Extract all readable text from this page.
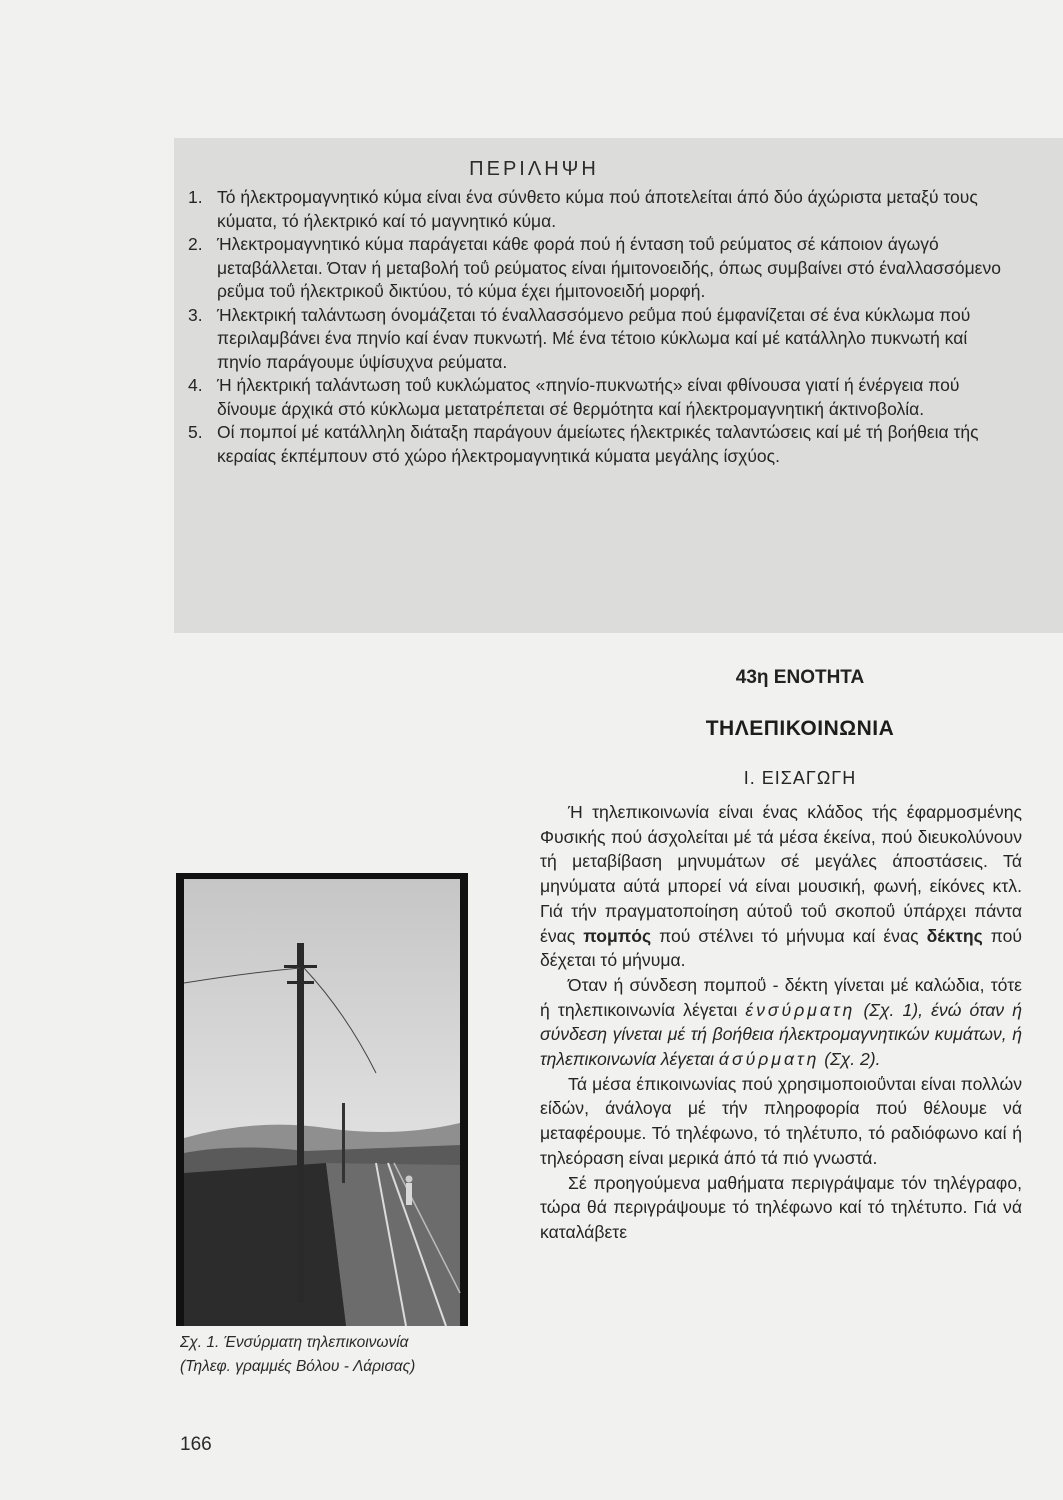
ΠΕΡΙΛΗΨΗ
1. Τό ήλεκτρομαγνητικό κύμα είναι ένα σύνθετο κύμα πού άποτελείται άπό δύο άχώριστα μεταξύ τους κύματα, τό ήλεκτρικό καί τό μαγνητικό κύμα.
2. Ήλεκτρομαγνητικό κύμα παράγεται κάθε φορά πού ή ένταση τοΰ ρεύματος σέ κάποιον άγωγό μεταβάλλεται. Όταν ή μεταβολή τοΰ ρεύματος είναι ήμιτονοειδής, όπως συμβαίνει στό έναλλασσόμενο ρεΰμα τοΰ ήλεκτρικοΰ δικτύου, τό κύμα έχει ήμιτονοειδή μορφή.
3. Ήλεκτρική ταλάντωση όνομάζεται τό έναλλασσόμενο ρεΰμα πού έμφανίζεται σέ ένα κύκλωμα πού περιλαμβάνει ένα πηνίο καί έναν πυκνωτή. Μέ ένα τέτοιο κύκλωμα καί μέ κατάλληλο πυκνωτή καί πηνίο παράγουμε ύψίσυχνα ρεύματα.
4. Ή ήλεκτρική ταλάντωση τοΰ κυκλώματος «πηνίο-πυκνωτής» είναι φθίνουσα γιατί ή ένέργεια πού δίνουμε άρχικά στό κύκλωμα μετατρέπεται σέ θερμότητα καί ήλεκτρομαγνητική άκτινοβολία.
5. Οί πομποί μέ κατάλληλη διάταξη παράγουν άμείωτες ήλεκτρικές ταλαντώσεις καί μέ τή βοήθεια τής κεραίας έκπέμπουν στό χώρο ήλεκτρομαγνητικά κύματα μεγάλης ίσχύος.
43η ΕΝΟΤΗΤΑ
ΤΗΛΕΠΙΚΟΙΝΩΝΙΑ
Ι. ΕΙΣΑΓΩΓΗ

Ή τηλεπικοινωνία είναι ένας κλάδος τής έφαρμοσμένης Φυσικής πού άσχολείται μέ τά μέσα έκείνα, πού διευκολύνουν τή μεταβίβαση μηνυμάτων σέ μεγάλες άποστάσεις. Τά μηνύματα αύτά μπορεί νά είναι μουσική, φωνή, είκόνες κτλ. Γιά τήν πραγματοποίηση αύτοΰ τοΰ σκοποΰ ύπάρχει πάντα ένας πομπός πού στέλνει τό μήνυμα καί ένας δέκτης πού δέχεται τό μήνυμα.

Όταν ή σύνδεση πομποΰ - δέκτη γίνεται μέ καλώδια, τότε ή τηλεπικοινωνία λέγεται ένσύρματη (Σχ. 1), ένώ όταν ή σύνδεση γίνεται μέ τή βοήθεια ήλεκτρομαγνητικών κυμάτων, ή τηλεπικοινωνία λέγεται άσύρματη (Σχ. 2).

Τά μέσα έπικοινωνίας πού χρησιμοποιοΰνται είναι πολλών είδών, άνάλογα μέ τήν πληροφορία πού θέλουμε νά μεταφέρουμε. Τό τηλέφωνο, τό τηλέτυπο, τό ραδιόφωνο καί ή τηλεόραση είναι μερικά άπό τά πιό γνωστά.

Σέ προηγούμενα μαθήματα περιγράψαμε τόν τηλέγραφο, τώρα θά περιγράψουμε τό τηλέφωνο καί τό τηλέτυπο. Γιά νά καταλάβετε

Σχ. 1. Ένσύρματη τηλεπικοινωνία
(Τηλεφ. γραμμές Βόλου - Λάρισας)
166
